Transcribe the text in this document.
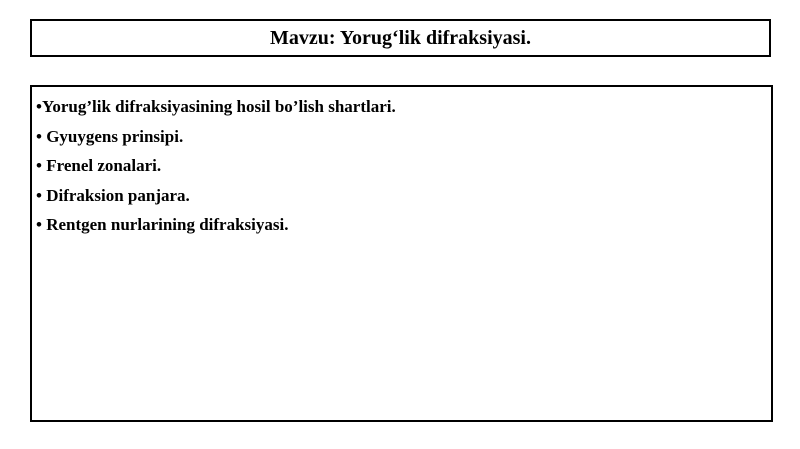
Mavzu: Yorug‘lik difraksiyasi.
•Yorug’lik difraksiyasining hosil bo’lish shartlari.
• Gyuygens prinsipi.
• Frenel zonalari.
• Difraksion panjara.
• Rentgen nurlarining difraksiyasi.
